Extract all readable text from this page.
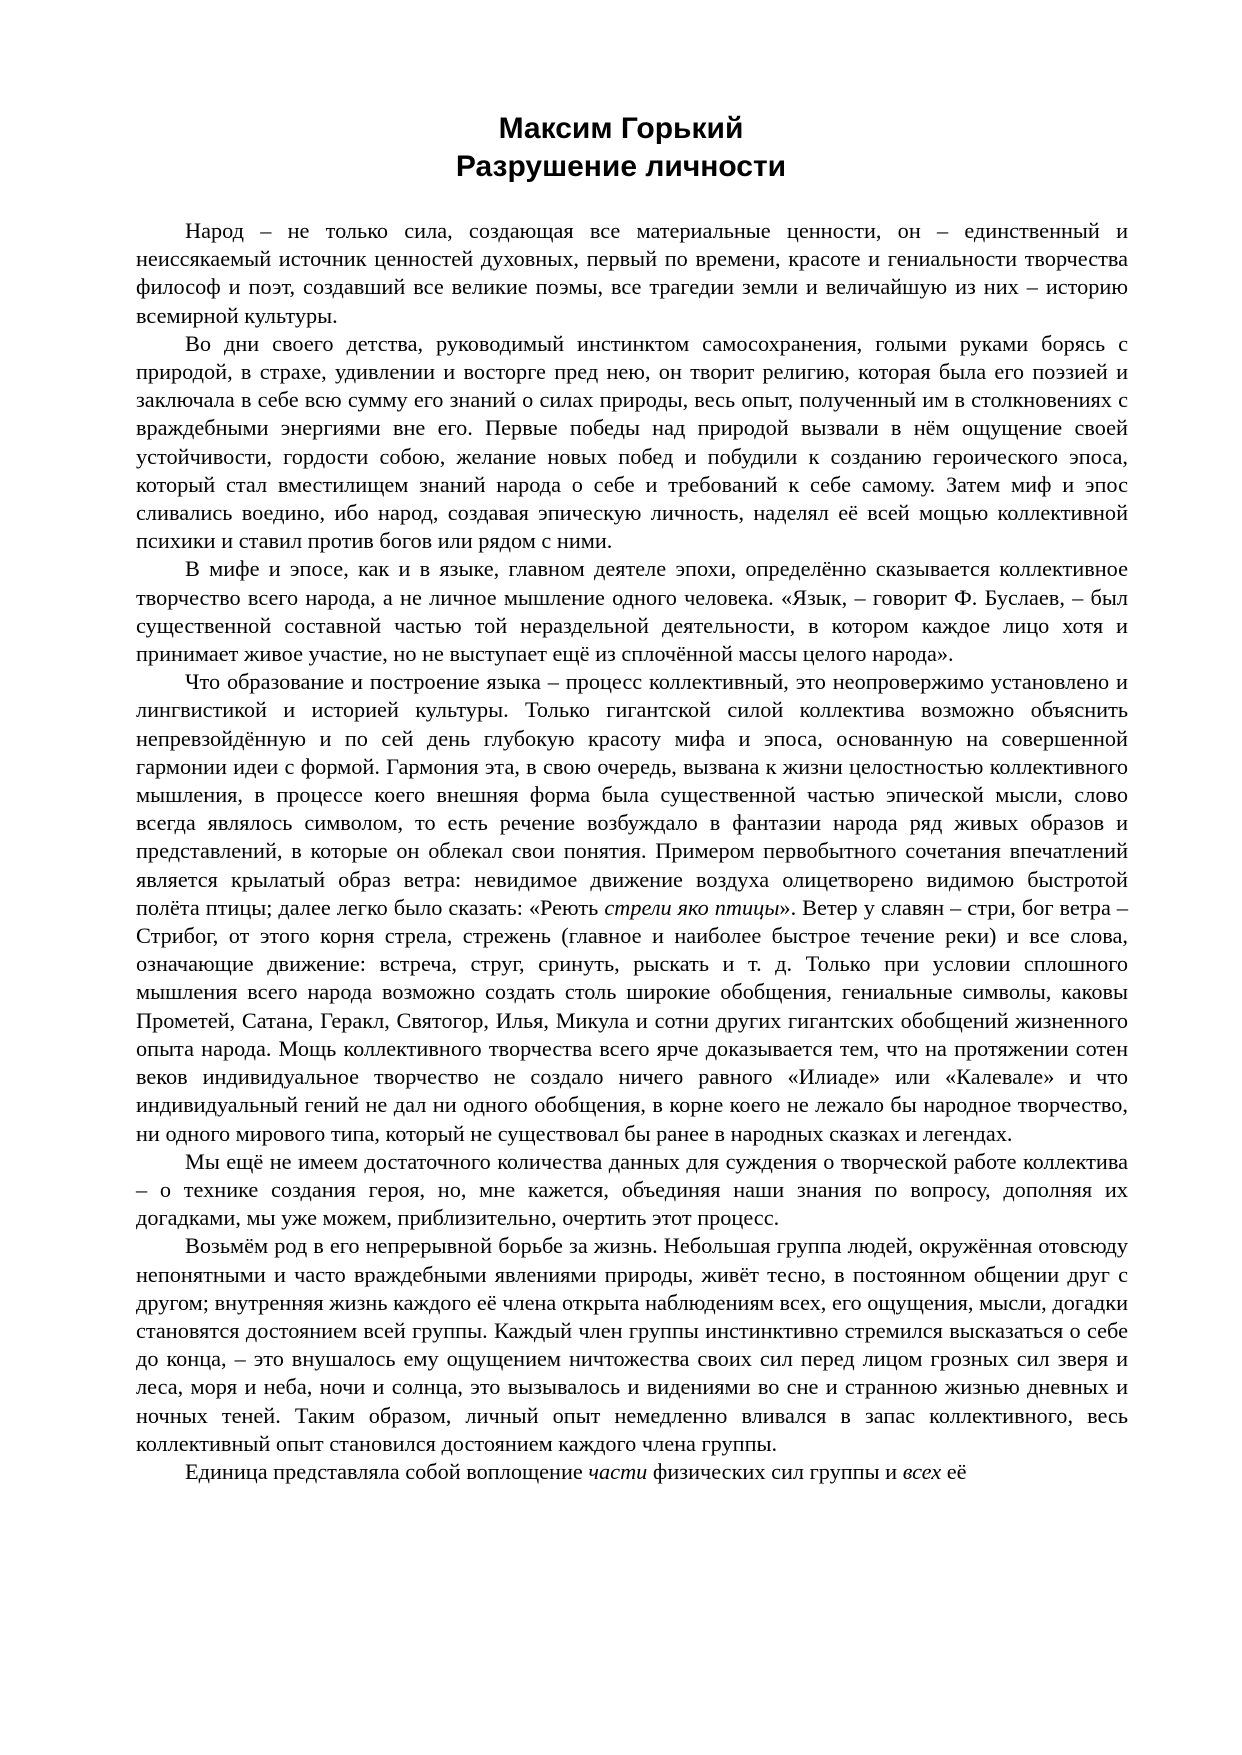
Максим Горький
Разрушение личности

Народ – не только сила, создающая все материальные ценности, он – единственный и неиссякаемый источник ценностей духовных, первый по времени, красоте и гениальности творчества философ и поэт, создавший все великие поэмы, все трагедии земли и величайшую из них – историю всемирной культуры.

Во дни своего детства, руководимый инстинктом самосохранения, голыми руками борясь с природой, в страхе, удивлении и восторге пред нею, он творит религию, которая была его поэзией и заключала в себе всю сумму его знаний о силах природы, весь опыт, полученный им в столкновениях с враждебными энергиями вне его. Первые победы над природой вызвали в нём ощущение своей устойчивости, гордости собою, желание новых побед и побудили к созданию героического эпоса, который стал вместилищем знаний народа о себе и требований к себе самому. Затем миф и эпос сливались воедино, ибо народ, создавая эпическую личность, наделял её всей мощью коллективной психики и ставил против богов или рядом с ними.

В мифе и эпосе, как и в языке, главном деятеле эпохи, определённо сказывается коллективное творчество всего народа, а не личное мышление одного человека. «Язык, – говорит Ф. Буслаев, – был существенной составной частью той нераздельной деятельности, в котором каждое лицо хотя и принимает живое участие, но не выступает ещё из сплочённой массы целого народа».

Что образование и построение языка – процесс коллективный, это неопровержимо установлено и лингвистикой и историей культуры. Только гигантской силой коллектива возможно объяснить непревзойдённую и по сей день глубокую красоту мифа и эпоса, основанную на совершенной гармонии идеи с формой. Гармония эта, в свою очередь, вызвана к жизни целостностью коллективного мышления, в процессе коего внешняя форма была существенной частью эпической мысли, слово всегда являлось символом, то есть речение возбуждало в фантазии народа ряд живых образов и представлений, в которые он облекал свои понятия. Примером первобытного сочетания впечатлений является крылатый образ ветра: невидимое движение воздуха олицетворено видимою быстротой полёта птицы; далее легко было сказать: «Реють стрели яко птицы». Ветер у славян – стри, бог ветра – Стрибог, от этого корня стрела, стрежень (главное и наиболее быстрое течение реки) и все слова, означающие движение: встреча, струг, сринуть, рыскать и т. д. Только при условии сплошного мышления всего народа возможно создать столь широкие обобщения, гениальные символы, каковы Прометей, Сатана, Геракл, Святогор, Илья, Микула и сотни других гигантских обобщений жизненного опыта народа. Мощь коллективного творчества всего ярче доказывается тем, что на протяжении сотен веков индивидуальное творчество не создало ничего равного «Илиаде» или «Калевале» и что индивидуальный гений не дал ни одного обобщения, в корне коего не лежало бы народное творчество, ни одного мирового типа, который не существовал бы ранее в народных сказках и легендах.

Мы ещё не имеем достаточного количества данных для суждения о творческой работе коллектива – о технике создания героя, но, мне кажется, объединяя наши знания по вопросу, дополняя их догадками, мы уже можем, приблизительно, очертить этот процесс.

Возьмём род в его непрерывной борьбе за жизнь. Небольшая группа людей, окружённая отовсюду непонятными и часто враждебными явлениями природы, живёт тесно, в постоянном общении друг с другом; внутренняя жизнь каждого её члена открыта наблюдениям всех, его ощущения, мысли, догадки становятся достоянием всей группы. Каждый член группы инстинктивно стремился высказаться о себе до конца, – это внушалось ему ощущением ничтожества своих сил перед лицом грозных сил зверя и леса, моря и неба, ночи и солнца, это вызывалось и видениями во сне и странною жизнью дневных и ночных теней. Таким образом, личный опыт немедленно вливался в запас коллективного, весь коллективный опыт становился достоянием каждого члена группы.

Единица представляла собой воплощение части физических сил группы и всех её
